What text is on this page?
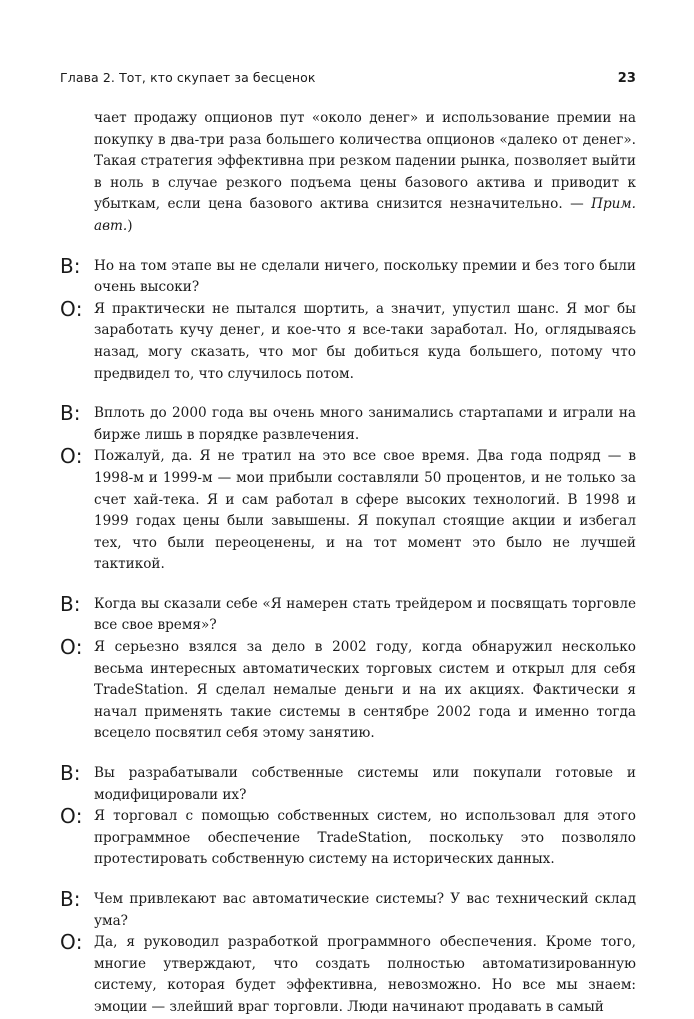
Глава 2. Тот, кто скупает за бесценок	23

чает продажу опционов пут «около денег» и использование премии на покупку в два-три раза большего количества опционов «далеко от денег». Такая стратегия эффективна при резком падении рынка, позволяет выйти в ноль в случае резкого подъема цены базового актива и приводит к убыткам, если цена базового актива снизится незначительно. — Прим. авт.)

В: Но на том этапе вы не сделали ничего, поскольку премии и без того были очень высоки?

О: Я практически не пытался шортить, а значит, упустил шанс. Я мог бы заработать кучу денег, и кое-что я все-таки заработал. Но, оглядываясь назад, могу сказать, что мог бы добиться куда большего, потому что предвидел то, что случилось потом.

В: Вплоть до 2000 года вы очень много занимались стартапами и играли на бирже лишь в порядке развлечения.

О: Пожалуй, да. Я не тратил на это все свое время. Два года подряд — в 1998-м и 1999-м — мои прибыли составляли 50 процентов, и не только за счет хай-тека. Я и сам работал в сфере высоких технологий. В 1998 и 1999 годах цены были завышены. Я покупал стоящие акции и избегал тех, что были переоценены, и на тот момент это было не лучшей тактикой.

В: Когда вы сказали себе «Я намерен стать трейдером и посвящать торговле все свое время»?

О: Я серьезно взялся за дело в 2002 году, когда обнаружил несколько весьма интересных автоматических торговых систем и открыл для себя TradeStation. Я сделал немалые деньги и на их акциях. Фактически я начал применять такие системы в сентябре 2002 года и именно тогда всецело посвятил себя этому занятию.

В: Вы разрабатывали собственные системы или покупали готовые и модифицировали их?

О: Я торговал с помощью собственных систем, но использовал для этого программное обеспечение TradeStation, поскольку это позволяло протестировать собственную систему на исторических данных.

В: Чем привлекают вас автоматические системы? У вас технический склад ума?

О: Да, я руководил разработкой программного обеспечения. Кроме того, многие утверждают, что создать полностью автоматизированную систему, которая будет эффективна, невозможно. Но все мы знаем: эмоции — злейший враг торговли. Люди начинают продавать в самый
